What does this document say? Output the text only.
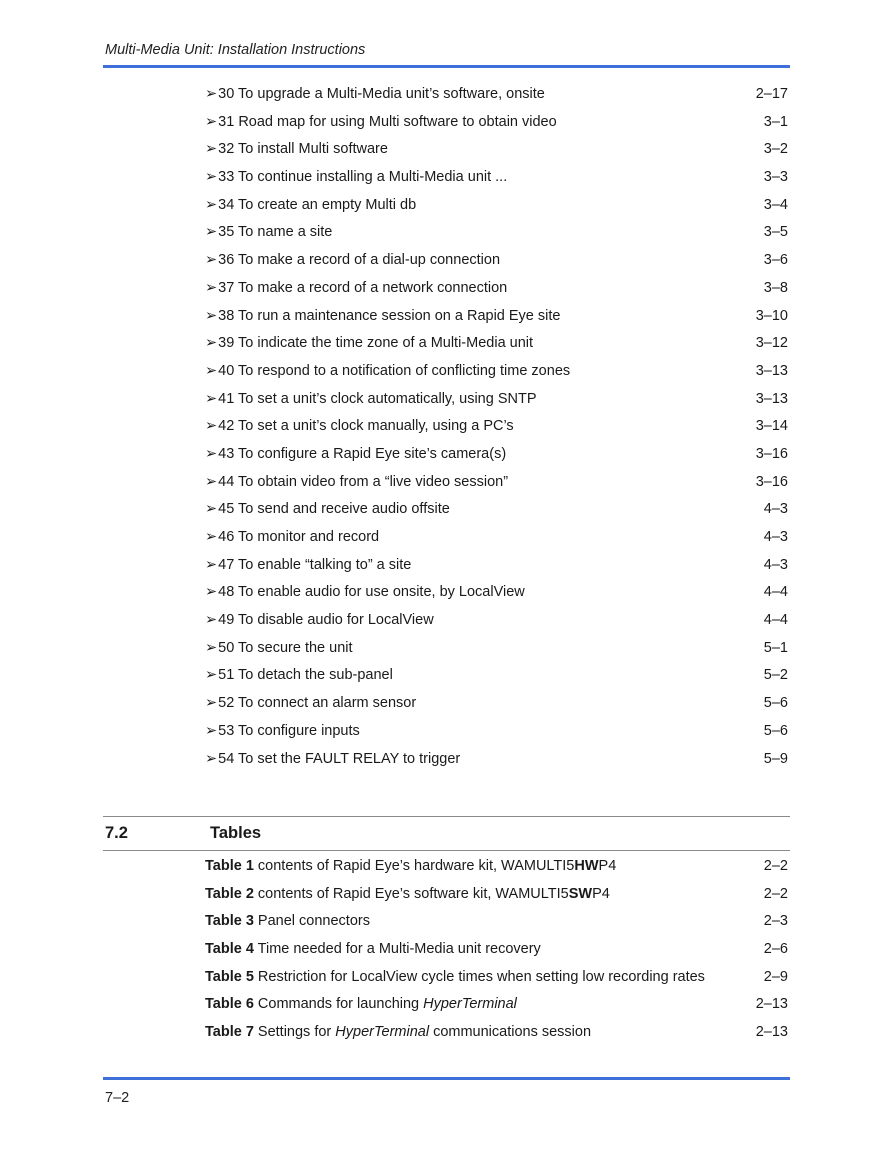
Multi-Media Unit: Installation Instructions
➢30 To upgrade a Multi-Media unit’s software, onsite	2–17
➢31 Road map for using Multi software to obtain video	3–1
➢32 To install Multi software	3–2
➢33 To continue installing a Multi-Media unit ...	3–3
➢34 To create an empty Multi db	3–4
➢35 To name a site	3–5
➢36 To make a record of a dial-up connection	3–6
➢37 To make a record of a network connection	3–8
➢38 To run a maintenance session on a Rapid Eye site	3–10
➢39 To indicate the time zone of a Multi-Media unit	3–12
➢40 To respond to a notification of conflicting time zones	3–13
➢41 To set a unit’s clock automatically, using SNTP	3–13
➢42 To set a unit’s clock manually, using a PC’s	3–14
➢43 To configure a Rapid Eye site’s camera(s)	3–16
➢44 To obtain video from a “live video session”	3–16
➢45 To send and receive audio offsite	4–3
➢46 To monitor and record	4–3
➢47 To enable “talking to” a site	4–3
➢48 To enable audio for use onsite, by LocalView	4–4
➢49 To disable audio for LocalView	4–4
➢50 To secure the unit	5–1
➢51 To detach the sub-panel	5–2
➢52 To connect an alarm sensor	5–6
➢53 To configure inputs	5–6
➢54 To set the FAULT RELAY to trigger	5–9
7.2	Tables
Table 1 contents of Rapid Eye’s hardware kit, WAMULTI5HWP4	2–2
Table 2 contents of Rapid Eye’s software kit, WAMULTI5SWP4	2–2
Table 3 Panel connectors	2–3
Table 4 Time needed for a Multi-Media unit recovery	2–6
Table 5 Restriction for LocalView cycle times when setting low recording rates	2–9
Table 6 Commands for launching HyperTerminal	2–13
Table 7 Settings for HyperTerminal communications session	2–13
7–2
